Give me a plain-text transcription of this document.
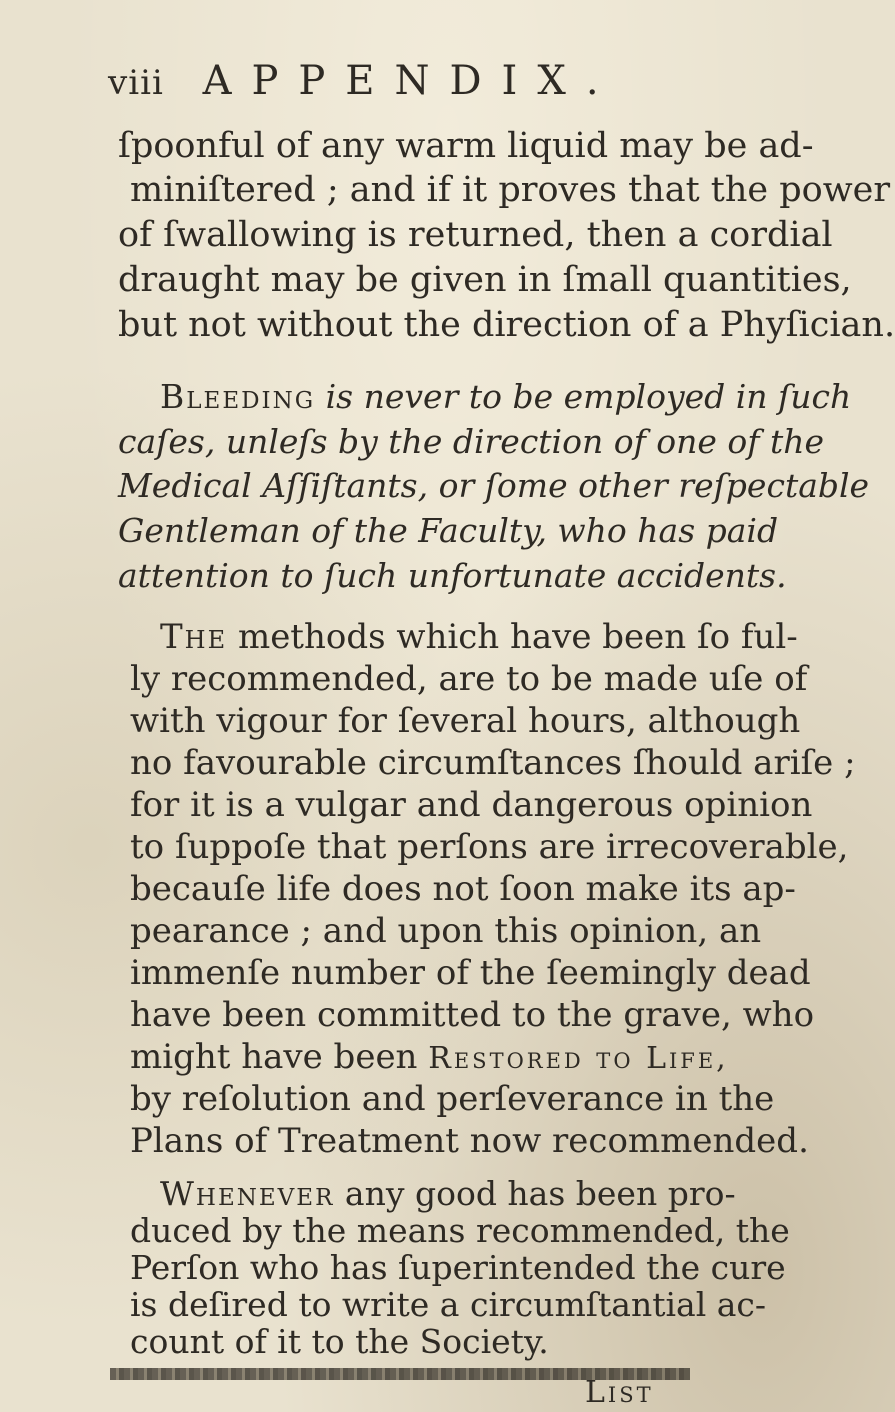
viii APPENDIX.
ſpoonful of any warm liquid may be ad-
miniſtered ; and if it proves that the power
of ſwallowing is returned, then a cordial
draught may be given in ſmall quantities,
but not without the direction of a Phyſician.
Bleeding is never to be employed in ſuch
caſes, unleſs by the direction of one of the
Medical Aſſiſtants, or ſome other reſpectable
Gentleman of the Faculty, who has paid
attention to ſuch unfortunate accidents.
The methods which have been ſo ful-
ly recommended, are to be made uſe of
with vigour for ſeveral hours, although
no favourable circumſtances ſhould ariſe ;
for it is a vulgar and dangerous opinion
to ſuppoſe that perſons are irrecoverable,
becauſe life does not ſoon make its ap-
pearance ; and upon this opinion, an
immenſe number of the ſeemingly dead
have been committed to the grave, who
might have been Restored to Life,
by reſolution and perſeverance in the
Plans of Treatment now recommended.
Whenever any good has been pro-
duced by the means recommended, the
Perſon who has ſuperintended the cure
is deſired to write a circumſtantial ac-
count of it to the Society.
List
